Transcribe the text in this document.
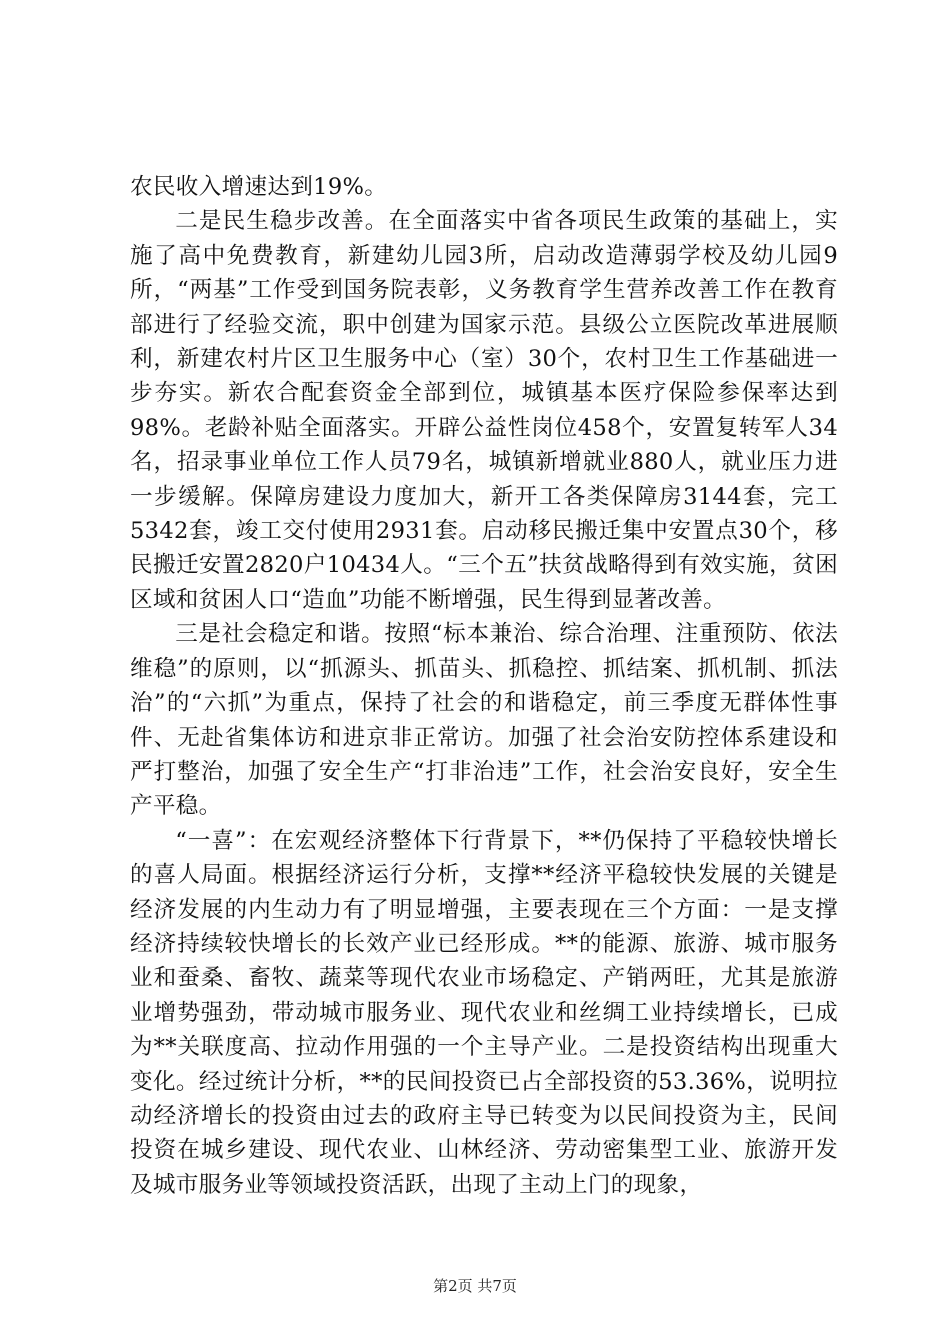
农民收入增速达到19%。

二是民生稳步改善。在全面落实中省各项民生政策的基础上，实施了高中免费教育，新建幼儿园3所，启动改造薄弱学校及幼儿园9所，“两基”工作受到国务院表彰，义务教育学生营养改善工作在教育部进行了经验交流，职中创建为国家示范。县级公立医院改革进展顺利，新建农村片区卫生服务中心（室）30个，农村卫生工作基础进一步夯实。新农合配套资金全部到位，城镇基本医疗保险参保率达到98%。老龄补贴全面落实。开辟公益性岗位458个，安置复转军人34名，招录事业单位工作人员79名，城镇新增就业880人，就业压力进一步缓解。保障房建设力度加大，新开工各类保障房3144套，完工5342套，竣工交付使用2931套。启动移民搬迁集中安置点30个，移民搬迁安置2820户10434人。“三个五”扶贫战略得到有效实施，贫困区域和贫困人口“造血”功能不断增强，民生得到显著改善。

三是社会稳定和谐。按照“标本兼治、综合治理、注重预防、依法维稳”的原则，以“抓源头、抓苗头、抓稳控、抓结案、抓机制、抓法治”的“六抓”为重点，保持了社会的和谐稳定，前三季度无群体性事件、无赴省集体访和进京非正常访。加强了社会治安防控体系建设和严打整治，加强了安全生产“打非治违”工作，社会治安良好，安全生产平稳。

“一喜”：在宏观经济整体下行背景下，**仍保持了平稳较快增长的喜人局面。根据经济运行分析，支撑**经济平稳较快发展的关键是经济发展的内生动力有了明显增强，主要表现在三个方面：一是支撑经济持续较快增长的长效产业已经形成。**的能源、旅游、城市服务业和蚕桑、畜牧、蔬菜等现代农业市场稳定、产销两旺，尤其是旅游业增势强劲，带动城市服务业、现代农业和丝绸工业持续增长，已成为**关联度高、拉动作用强的一个主导产业。二是投资结构出现重大变化。经过统计分析，**的民间投资已占全部投资的53.36%，说明拉动经济增长的投资由过去的政府主导已转变为以民间投资为主，民间投资在城乡建设、现代农业、山林经济、劳动密集型工业、旅游开发及城市服务业等领域投资活跃，出现了主动上门的现象，

第2页 共7页
